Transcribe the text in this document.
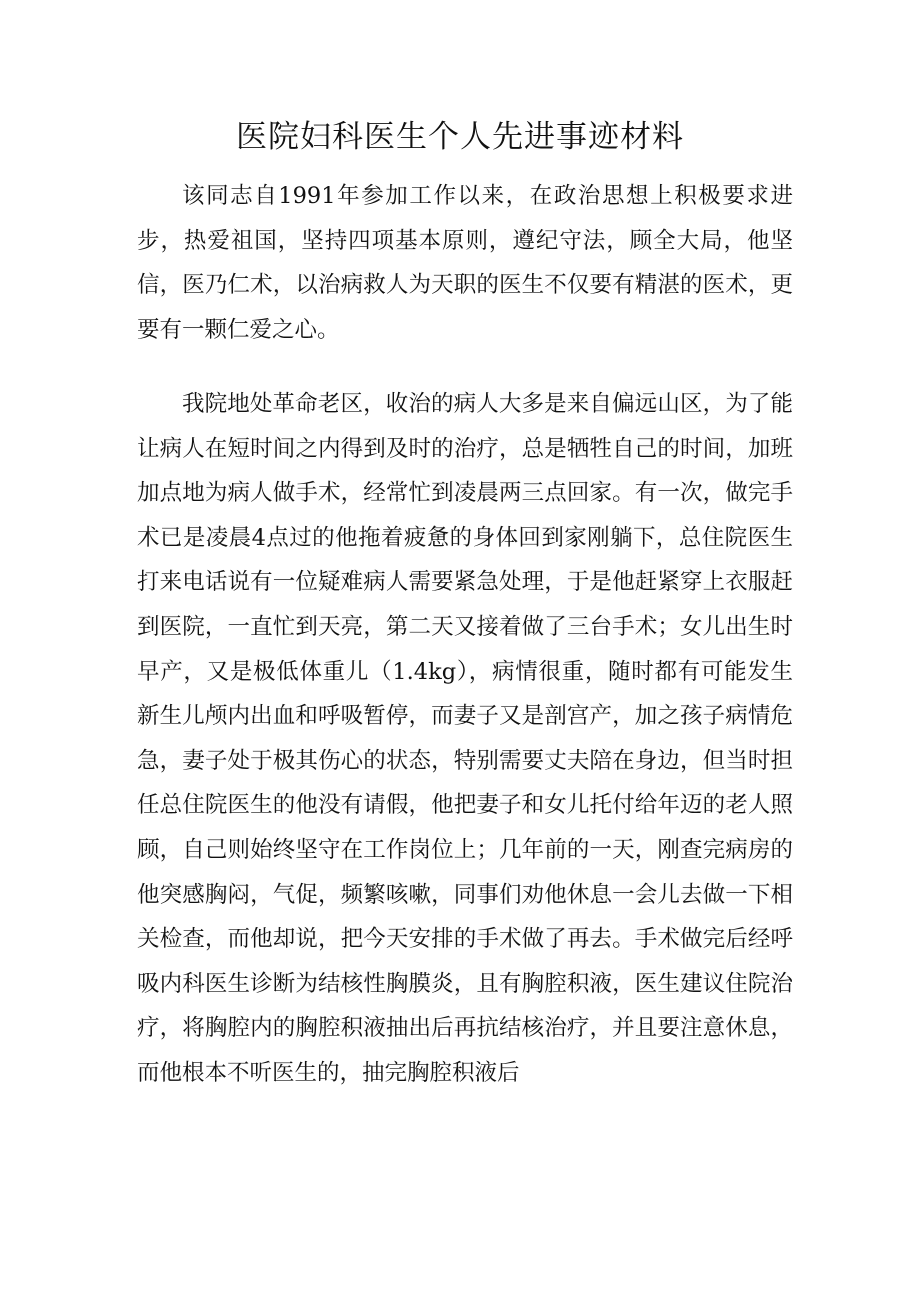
医院妇科医生个人先进事迹材料

该同志自1991年参加工作以来，在政治思想上积极要求进步，热爱祖国，坚持四项基本原则，遵纪守法，顾全大局，他坚信，医乃仁术，以治病救人为天职的医生不仅要有精湛的医术，更要有一颗仁爱之心。

我院地处革命老区，收治的病人大多是来自偏远山区，为了能让病人在短时间之内得到及时的治疗，总是牺牲自己的时间，加班加点地为病人做手术，经常忙到凌晨两三点回家。有一次，做完手术已是凌晨4点过的他拖着疲惫的身体回到家刚躺下，总住院医生打来电话说有一位疑难病人需要紧急处理，于是他赶紧穿上衣服赶到医院，一直忙到天亮，第二天又接着做了三台手术；女儿出生时早产，又是极低体重儿（1.4kg），病情很重，随时都有可能发生新生儿颅内出血和呼吸暂停，而妻子又是剖宫产，加之孩子病情危急，妻子处于极其伤心的状态，特别需要丈夫陪在身边，但当时担任总住院医生的他没有请假，他把妻子和女儿托付给年迈的老人照顾，自己则始终坚守在工作岗位上；几年前的一天，刚查完病房的他突感胸闷，气促，频繁咳嗽，同事们劝他休息一会儿去做一下相关检查，而他却说，把今天安排的手术做了再去。手术做完后经呼吸内科医生诊断为结核性胸膜炎，且有胸腔积液，医生建议住院治疗，将胸腔内的胸腔积液抽出后再抗结核治疗，并且要注意休息，而他根本不听医生的，抽完胸腔积液后
